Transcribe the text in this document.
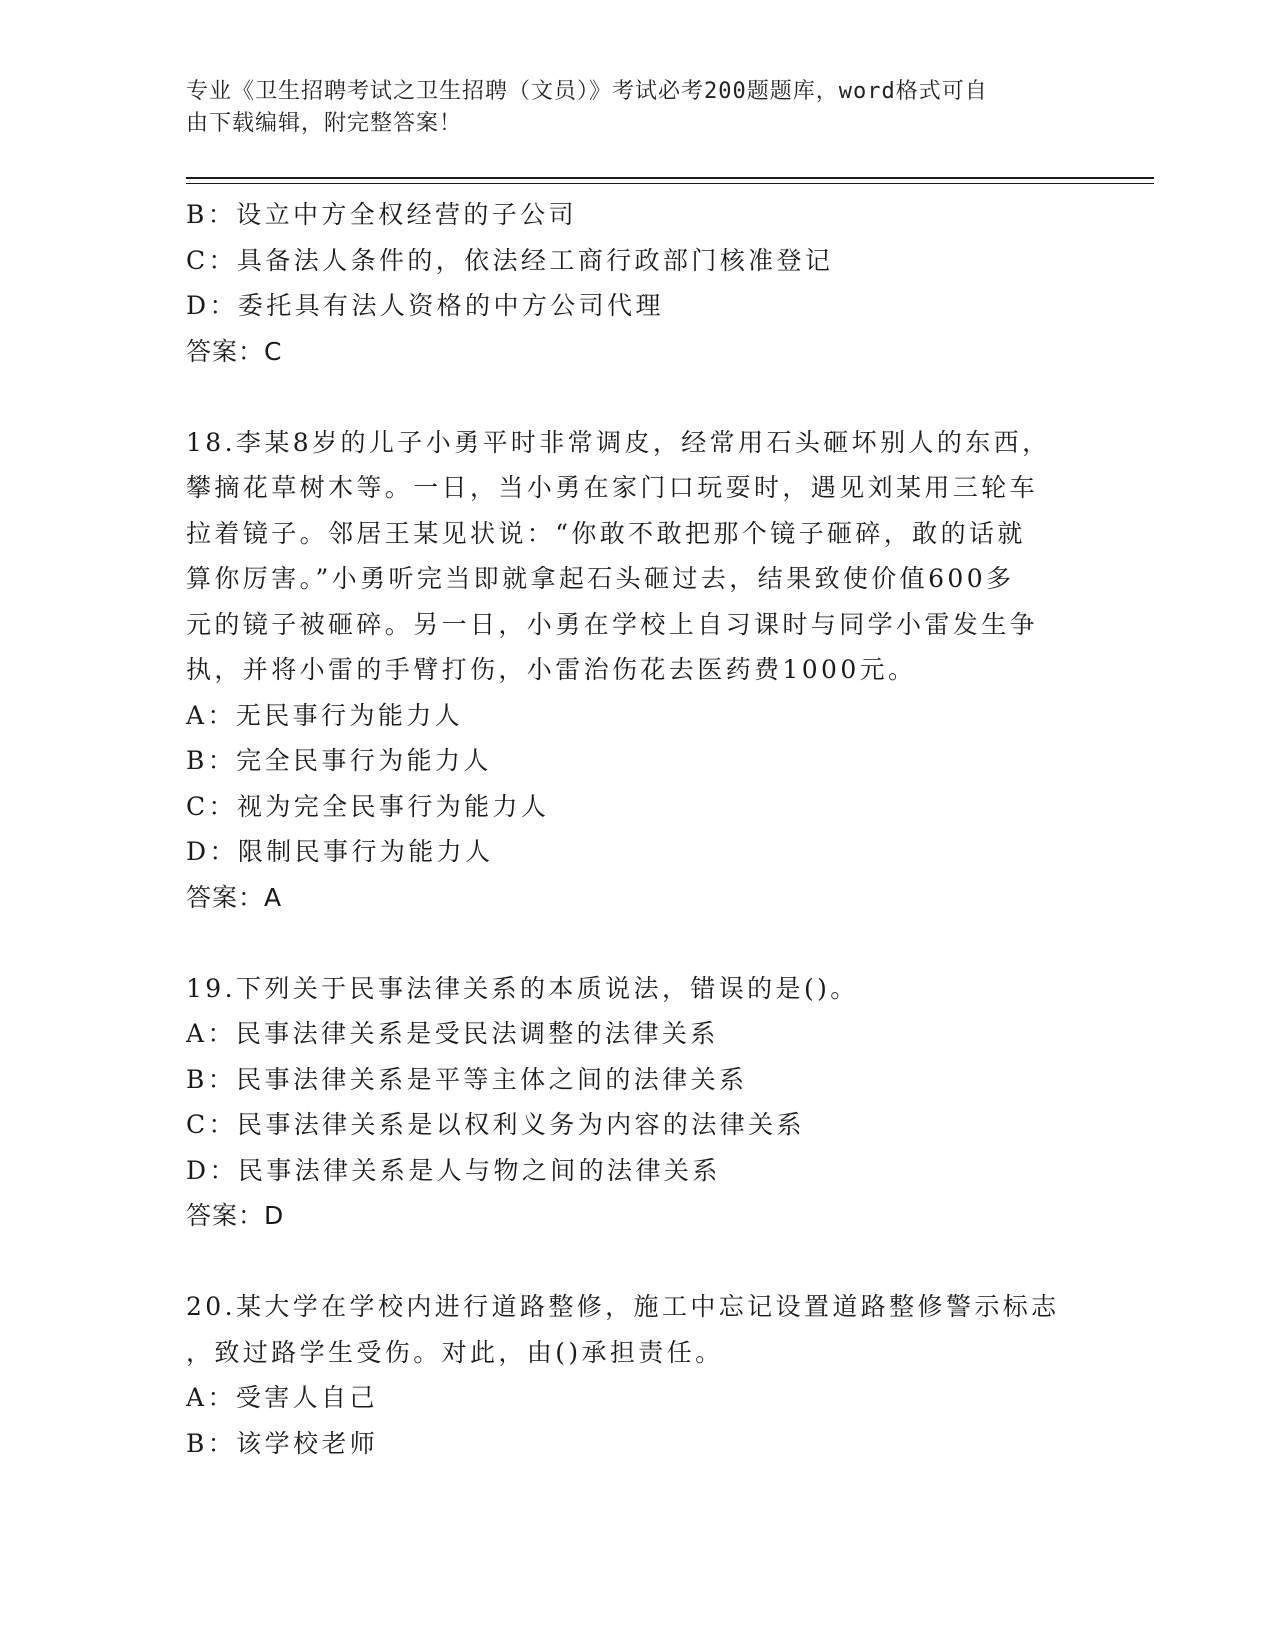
专业《卫生招聘考试之卫生招聘（文员）》考试必考200题题库，word格式可自
由下载编辑，附完整答案！
B：设立中方全权经营的子公司
C：具备法人条件的，依法经工商行政部门核准登记
D：委托具有法人资格的中方公司代理
答案：C
18.李某8岁的儿子小勇平时非常调皮，经常用石头砸坏别人的东西，
攀摘花草树木等。一日，当小勇在家门口玩耍时，遇见刘某用三轮车
拉着镜子。邻居王某见状说：“你敢不敢把那个镜子砸碎，敢的话就
算你厉害。”小勇听完当即就拿起石头砸过去，结果致使价值600多
元的镜子被砸碎。另一日，小勇在学校上自习课时与同学小雷发生争
执，并将小雷的手臂打伤，小雷治伤花去医药费1000元。
A：无民事行为能力人
B：完全民事行为能力人
C：视为完全民事行为能力人
D：限制民事行为能力人
答案：A
19.下列关于民事法律关系的本质说法，错误的是()。
A：民事法律关系是受民法调整的法律关系
B：民事法律关系是平等主体之间的法律关系
C：民事法律关系是以权利义务为内容的法律关系
D：民事法律关系是人与物之间的法律关系
答案：D
20.某大学在学校内进行道路整修，施工中忘记设置道路整修警示标志
，致过路学生受伤。对此，由()承担责任。
A：受害人自己
B：该学校老师
